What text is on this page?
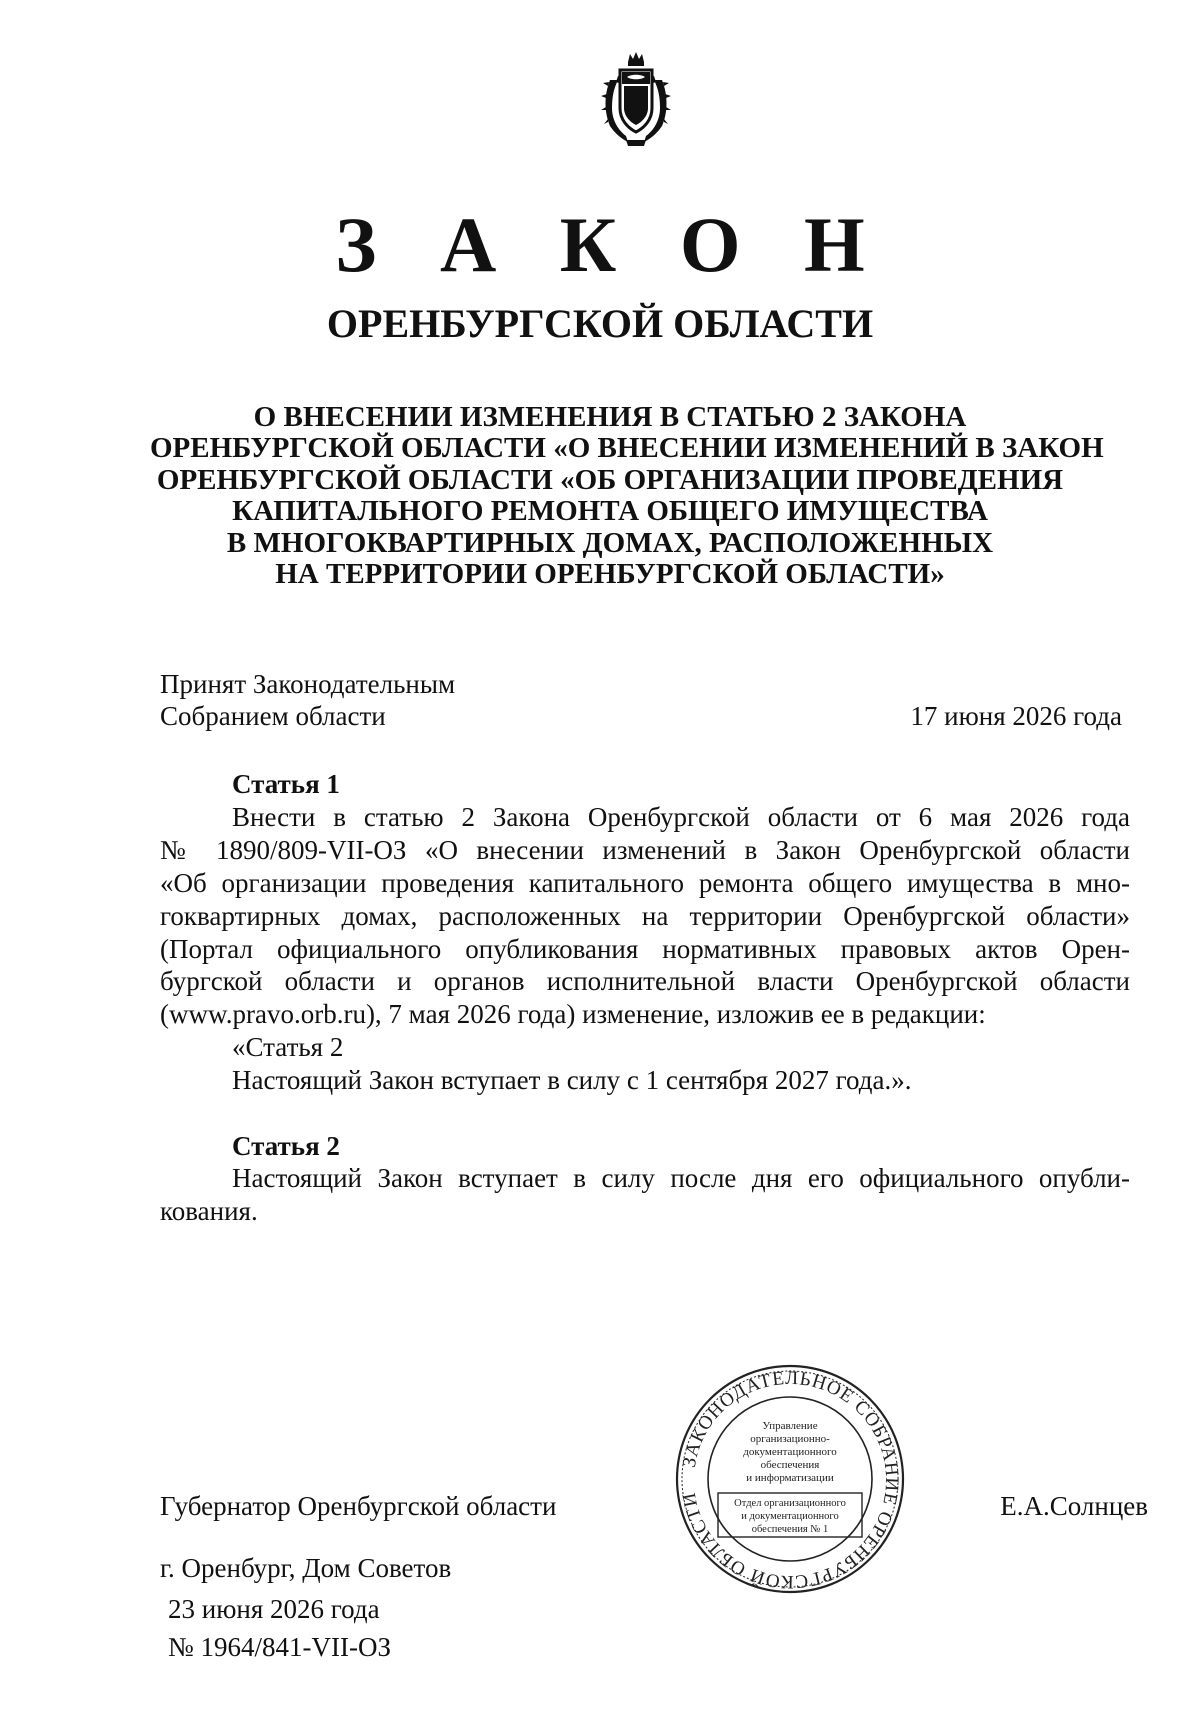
З А К О Н
ОРЕНБУРГСКОЙ ОБЛАСТИ
О ВНЕСЕНИИ ИЗМЕНЕНИЯ В СТАТЬЮ 2 ЗАКОНА
ОРЕНБУРГСКОЙ ОБЛАСТИ «О ВНЕСЕНИИ ИЗМЕНЕНИЙ В ЗАКОН
ОРЕНБУРГСКОЙ ОБЛАСТИ «ОБ ОРГАНИЗАЦИИ ПРОВЕДЕНИЯ
КАПИТАЛЬНОГО РЕМОНТА ОБЩЕГО ИМУЩЕСТВА
В МНОГОКВАРТИРНЫХ ДОМАХ, РАСПОЛОЖЕННЫХ
НА ТЕРРИТОРИИ ОРЕНБУРГСКОЙ ОБЛАСТИ»
Принят Законодательным
Собранием области	17 июня 2026 года
Статья 1
Внести в статью 2 Закона Оренбургской области от 6 мая 2026 года
№ 1890/809-VII-ОЗ «О внесении изменений в Закон Оренбургской области
«Об организации проведения капитального ремонта общего имущества в мно-
гоквартирных домах, расположенных на территории Оренбургской области»
(Портал официального опубликования нормативных правовых актов Орен-
бургской области и органов исполнительной власти Оренбургской области
(www.pravo.orb.ru), 7 мая 2026 года) изменение, изложив ее в редакции:
«Статья 2
Настоящий Закон вступает в силу с 1 сентября 2027 года.».
Статья 2
Настоящий Закон вступает в силу после дня его официального опубли-
кования.
ЗАКОНОДАТЕЛЬНОЕ СОБРАНИЕ ОРЕНБУРГСКОЙ ОБЛАСТИ
Управление
организационно-
документационного
обеспечения
и информатизации
Отдел организационного
и документационного
обеспечения № 1
Губернатор Оренбургской области	Е.А.Солнцев
г. Оренбург, Дом Советов
23 июня 2026 года
№ 1964/841-VII-ОЗ
